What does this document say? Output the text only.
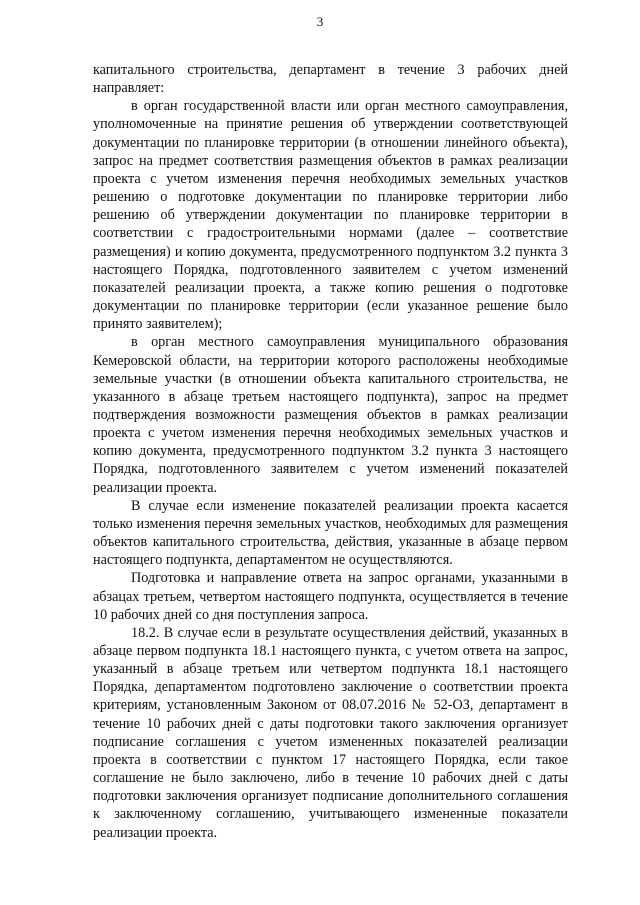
3

капитального строительства, департамент в течение 3 рабочих дней направляет:

в орган государственной власти или орган местного самоуправления, уполномоченные на принятие решения об утверждении соответствующей документации по планировке территории (в отношении линейного объекта), запрос на предмет соответствия размещения объектов в рамках реализации проекта с учетом изменения перечня необходимых земельных участков решению о подготовке документации по планировке территории либо решению об утверждении документации по планировке территории в соответствии с градостроительными нормами (далее – соответствие размещения) и копию документа, предусмотренного подпунктом 3.2 пункта 3 настоящего Порядка, подготовленного заявителем с учетом изменений показателей реализации проекта, а также копию решения о подготовке документации по планировке территории (если указанное решение было принято заявителем);

в орган местного самоуправления муниципального образования Кемеровской области, на территории которого расположены необходимые земельные участки (в отношении объекта капитального строительства, не указанного в абзаце третьем настоящего подпункта), запрос на предмет подтверждения возможности размещения объектов в рамках реализации проекта с учетом изменения перечня необходимых земельных участков и копию документа, предусмотренного подпунктом 3.2 пункта 3 настоящего Порядка, подготовленного заявителем с учетом изменений показателей реализации проекта.

В случае если изменение показателей реализации проекта касается только изменения перечня земельных участков, необходимых для размещения объектов капитального строительства, действия, указанные в абзаце первом настоящего подпункта, департаментом не осуществляются.

Подготовка и направление ответа на запрос органами, указанными в абзацах третьем, четвертом настоящего подпункта, осуществляется в течение 10 рабочих дней со дня поступления запроса.

18.2. В случае если в результате осуществления действий, указанных в абзаце первом подпункта 18.1 настоящего пункта, с учетом ответа на запрос, указанный в абзаце третьем или четвертом подпункта 18.1 настоящего Порядка, департаментом подготовлено заключение о соответствии проекта критериям, установленным Законом от 08.07.2016 № 52-ОЗ, департамент в течение 10 рабочих дней с даты подготовки такого заключения организует подписание соглашения с учетом измененных показателей реализации проекта в соответствии с пунктом 17 настоящего Порядка, если такое соглашение не было заключено, либо в течение 10 рабочих дней с даты подготовки заключения организует подписание дополнительного соглашения к заключенному соглашению, учитывающего измененные показатели реализации проекта.
